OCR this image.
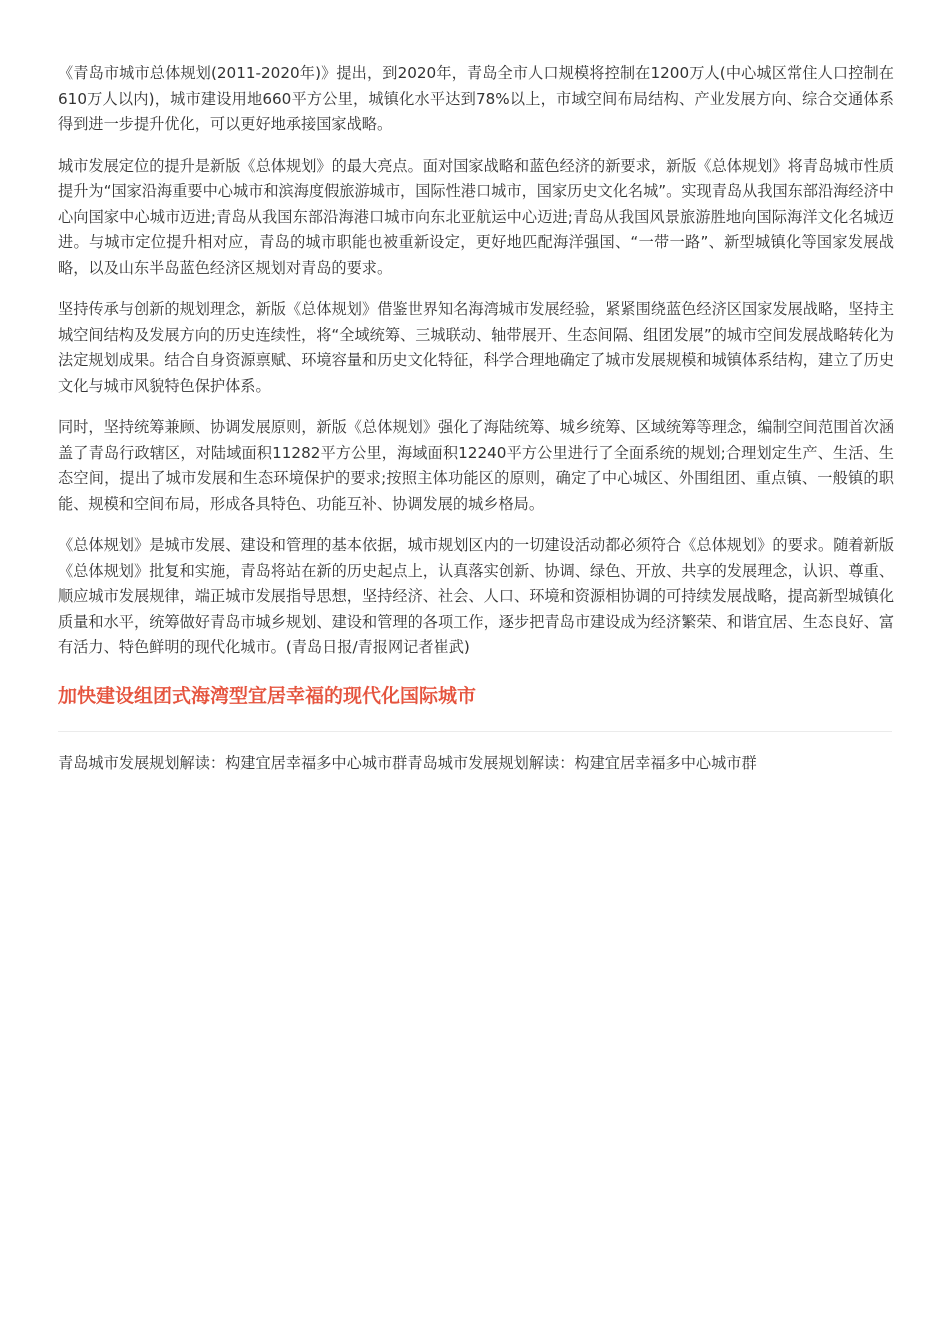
《青岛市城市总体规划(2011-2020年)》提出，到2020年，青岛全市人口规模将控制在1200万人(中心城区常住人口控制在610万人以内)，城市建设用地660平方公里，城镇化水平达到78%以上，市域空间布局结构、产业发展方向、综合交通体系得到进一步提升优化，可以更好地承接国家战略。

城市发展定位的提升是新版《总体规划》的最大亮点。面对国家战略和蓝色经济的新要求，新版《总体规划》将青岛城市性质提升为“国家沿海重要中心城市和滨海度假旅游城市，国际性港口城市，国家历史文化名城”。实现青岛从我国东部沿海经济中心向国家中心城市迈进;青岛从我国东部沿海港口城市向东北亚航运中心迈进;青岛从我国风景旅游胜地向国际海洋文化名城迈进。与城市定位提升相对应，青岛的城市职能也被重新设定，更好地匹配海洋强国、“一带一路”、新型城镇化等国家发展战略，以及山东半岛蓝色经济区规划对青岛的要求。

坚持传承与创新的规划理念，新版《总体规划》借鉴世界知名海湾城市发展经验，紧紧围绕蓝色经济区国家发展战略，坚持主城空间结构及发展方向的历史连续性，将“全域统筹、三城联动、轴带展开、生态间隔、组团发展”的城市空间发展战略转化为法定规划成果。结合自身资源禀赋、环境容量和历史文化特征，科学合理地确定了城市发展规模和城镇体系结构，建立了历史文化与城市风貌特色保护体系。

同时，坚持统筹兼顾、协调发展原则，新版《总体规划》强化了海陆统筹、城乡统筹、区域统筹等理念，编制空间范围首次涵盖了青岛行政辖区，对陆域面积11282平方公里，海域面积12240平方公里进行了全面系统的规划;合理划定生产、生活、生态空间，提出了城市发展和生态环境保护的要求;按照主体功能区的原则，确定了中心城区、外围组团、重点镇、一般镇的职能、规模和空间布局，形成各具特色、功能互补、协调发展的城乡格局。

《总体规划》是城市发展、建设和管理的基本依据，城市规划区内的一切建设活动都必须符合《总体规划》的要求。随着新版《总体规划》批复和实施，青岛将站在新的历史起点上，认真落实创新、协调、绿色、开放、共享的发展理念，认识、尊重、顺应城市发展规律，端正城市发展指导思想，坚持经济、社会、人口、环境和资源相协调的可持续发展战略，提高新型城镇化质量和水平，统筹做好青岛市城乡规划、建设和管理的各项工作，逐步把青岛市建设成为经济繁荣、和谐宜居、生态良好、富有活力、特色鲜明的现代化城市。(青岛日报/青报网记者崔武)

加快建设组团式海湾型宜居幸福的现代化国际城市
青岛城市发展规划解读：构建宜居幸福多中心城市群青岛城市发展规划解读：构建宜居幸福多中心城市群
